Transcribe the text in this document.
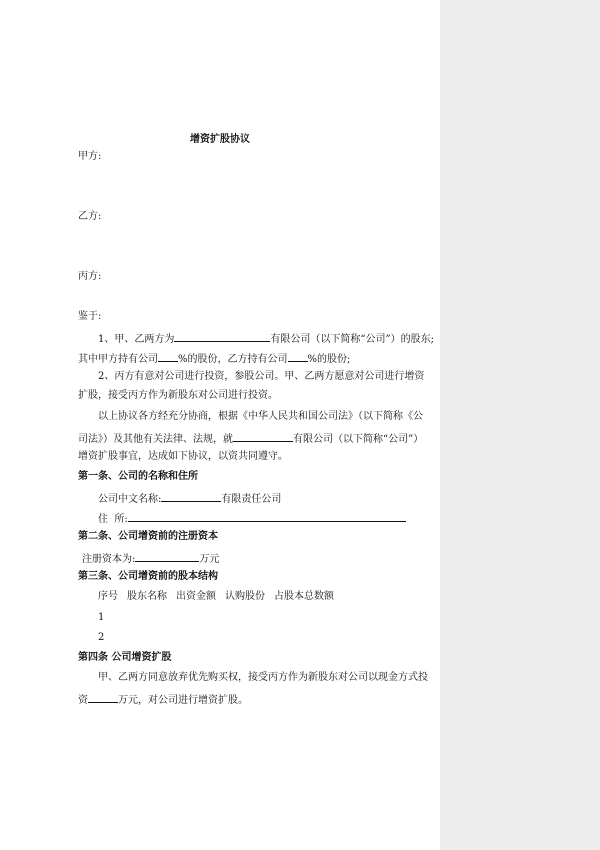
增资扩股协议
甲方:
乙方:
丙方:
鉴于:
1、甲、乙两方为	有限公司（以下简称“公司”）的股东;
其中甲方持有公司 %的股份，乙方持有公司 %的股份;
2、丙方有意对公司进行投资，参股公司。甲、乙两方愿意对公司进行增资
扩股，接受丙方作为新股东对公司进行投资。
以上协议各方经充分协商，根据《中华人民共和国公司法》（以下简称《公
司法》）及其他有关法律、法规，就	有限公司（以下简称“公司”）
增资扩股事宜，达成如下协议，以资共同遵守。
第一条、公司的名称和住所
公司中文名称:	有限责任公司
住  所:
第二条、公司增资前的注册资本
注册资本为:	万元
第三条、公司增资前的股本结构
序号 股东名称 出资金额 认购股份 占股本总数额
1
2
第四条 公司增资扩股
甲、乙两方同意放弃优先购买权，接受丙方作为新股东对公司以现金方式投
资	万元，对公司进行增资扩股。
